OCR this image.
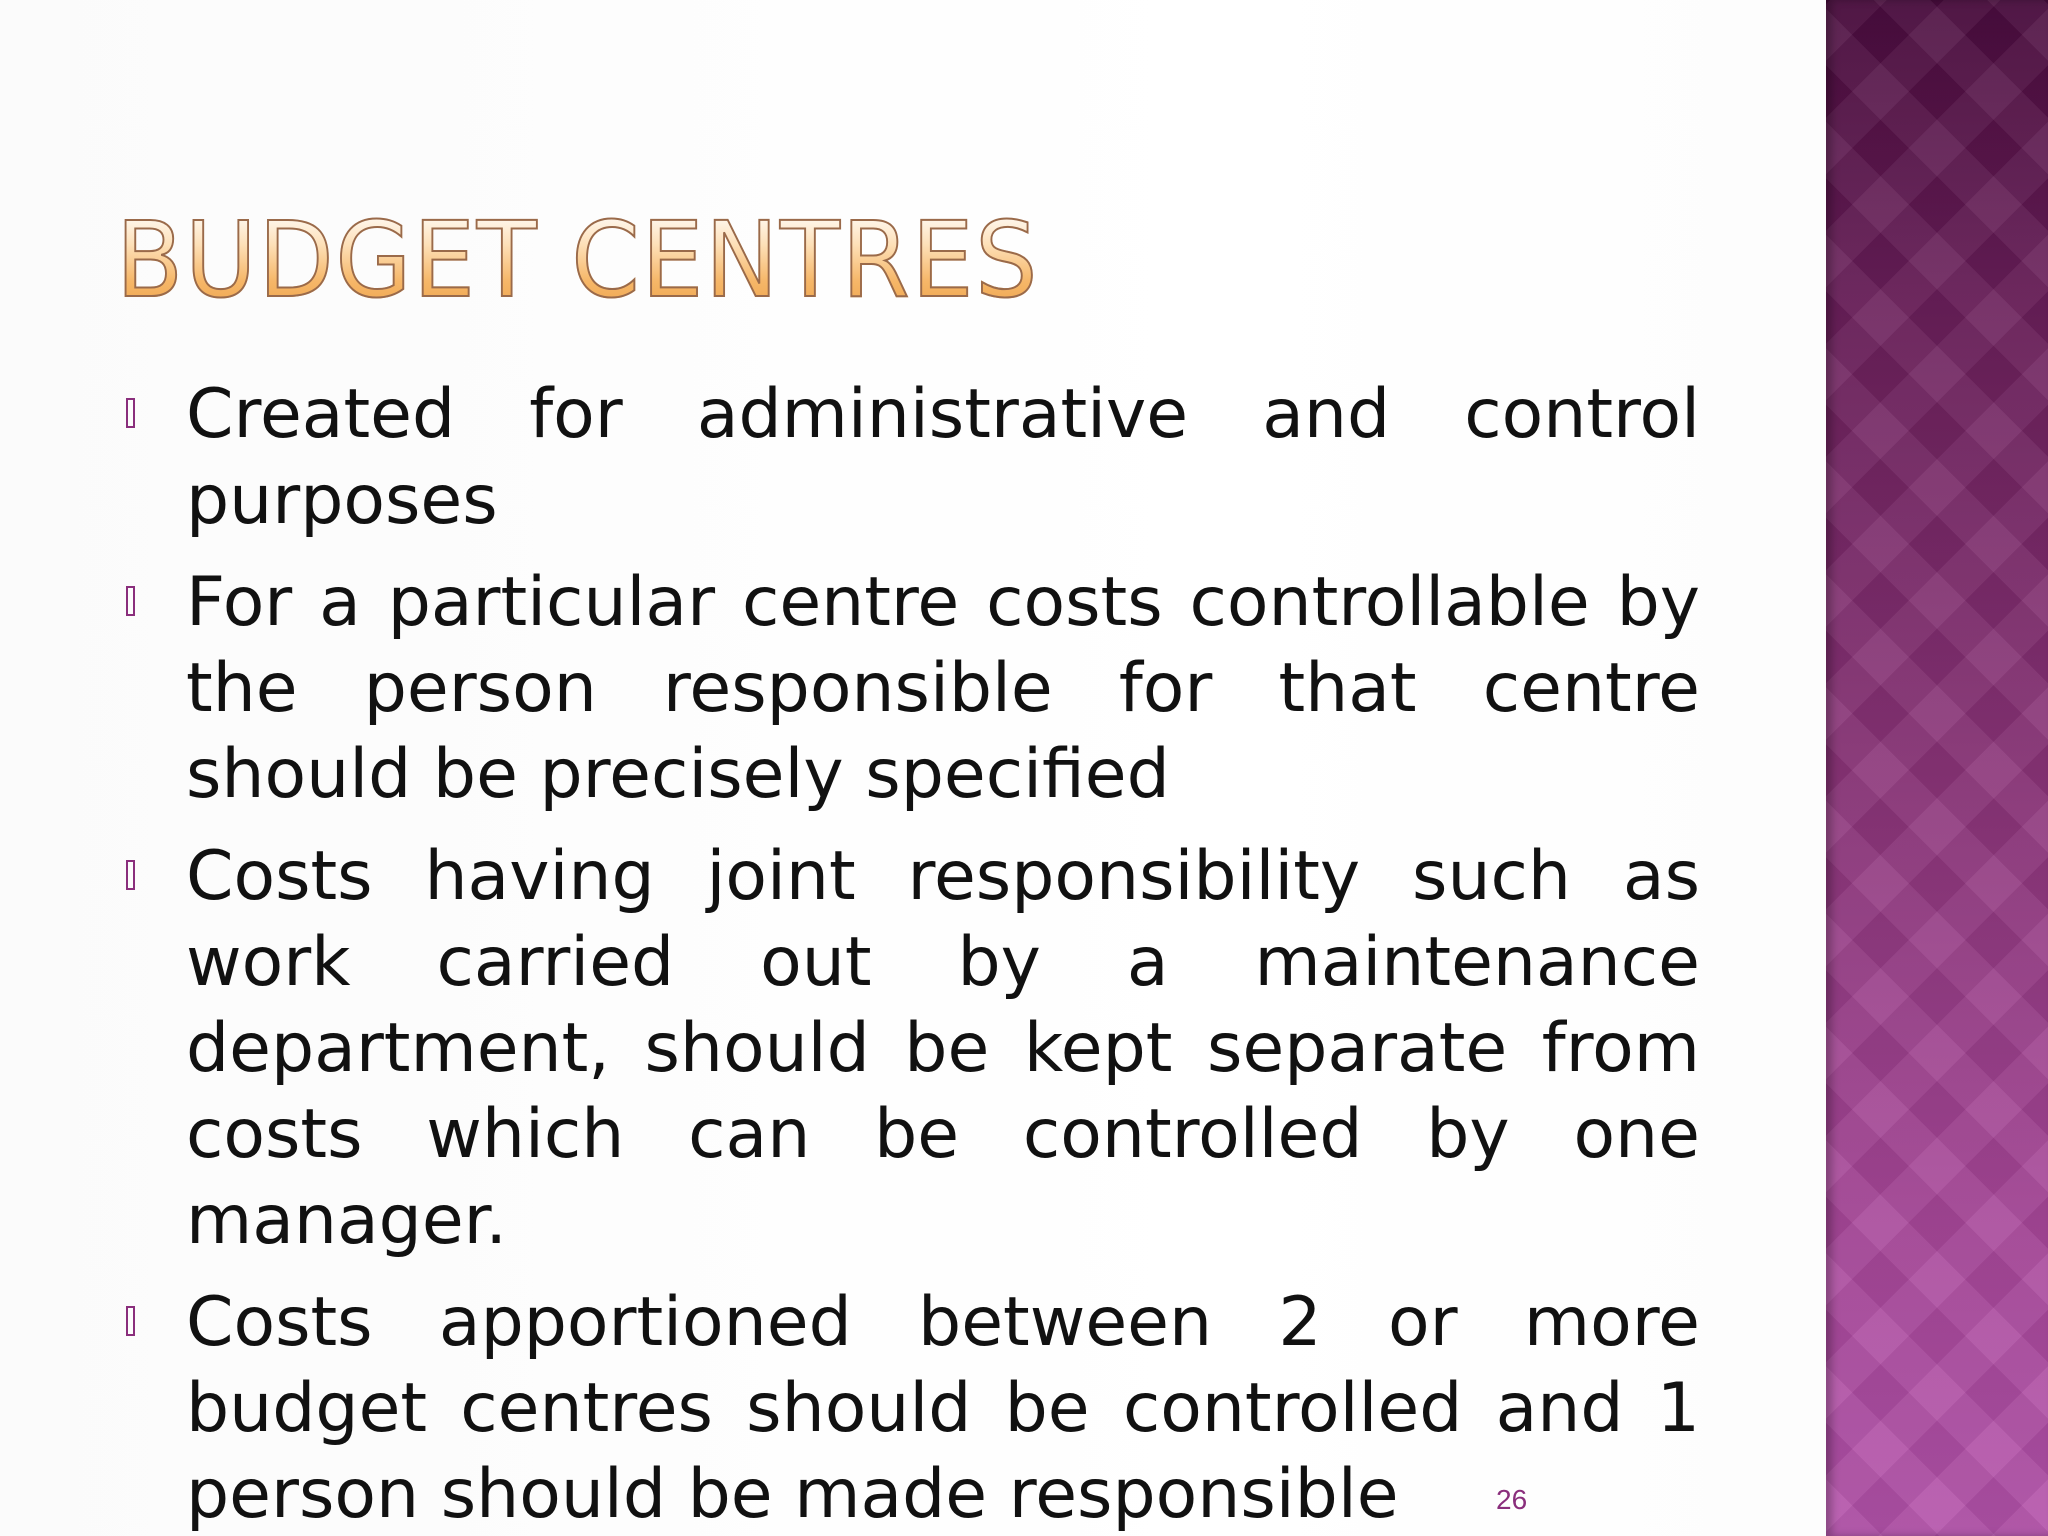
BUDGET CENTRES
Created for administrative and control purposes
For a particular centre costs controllable by the person responsible for that centre should be precisely specified
Costs having joint responsibility such as work carried out by a maintenance department, should be kept separate from costs which can be controlled by one manager.
Costs apportioned between 2 or more budget centres should be controlled and 1 person should be made responsible	26
